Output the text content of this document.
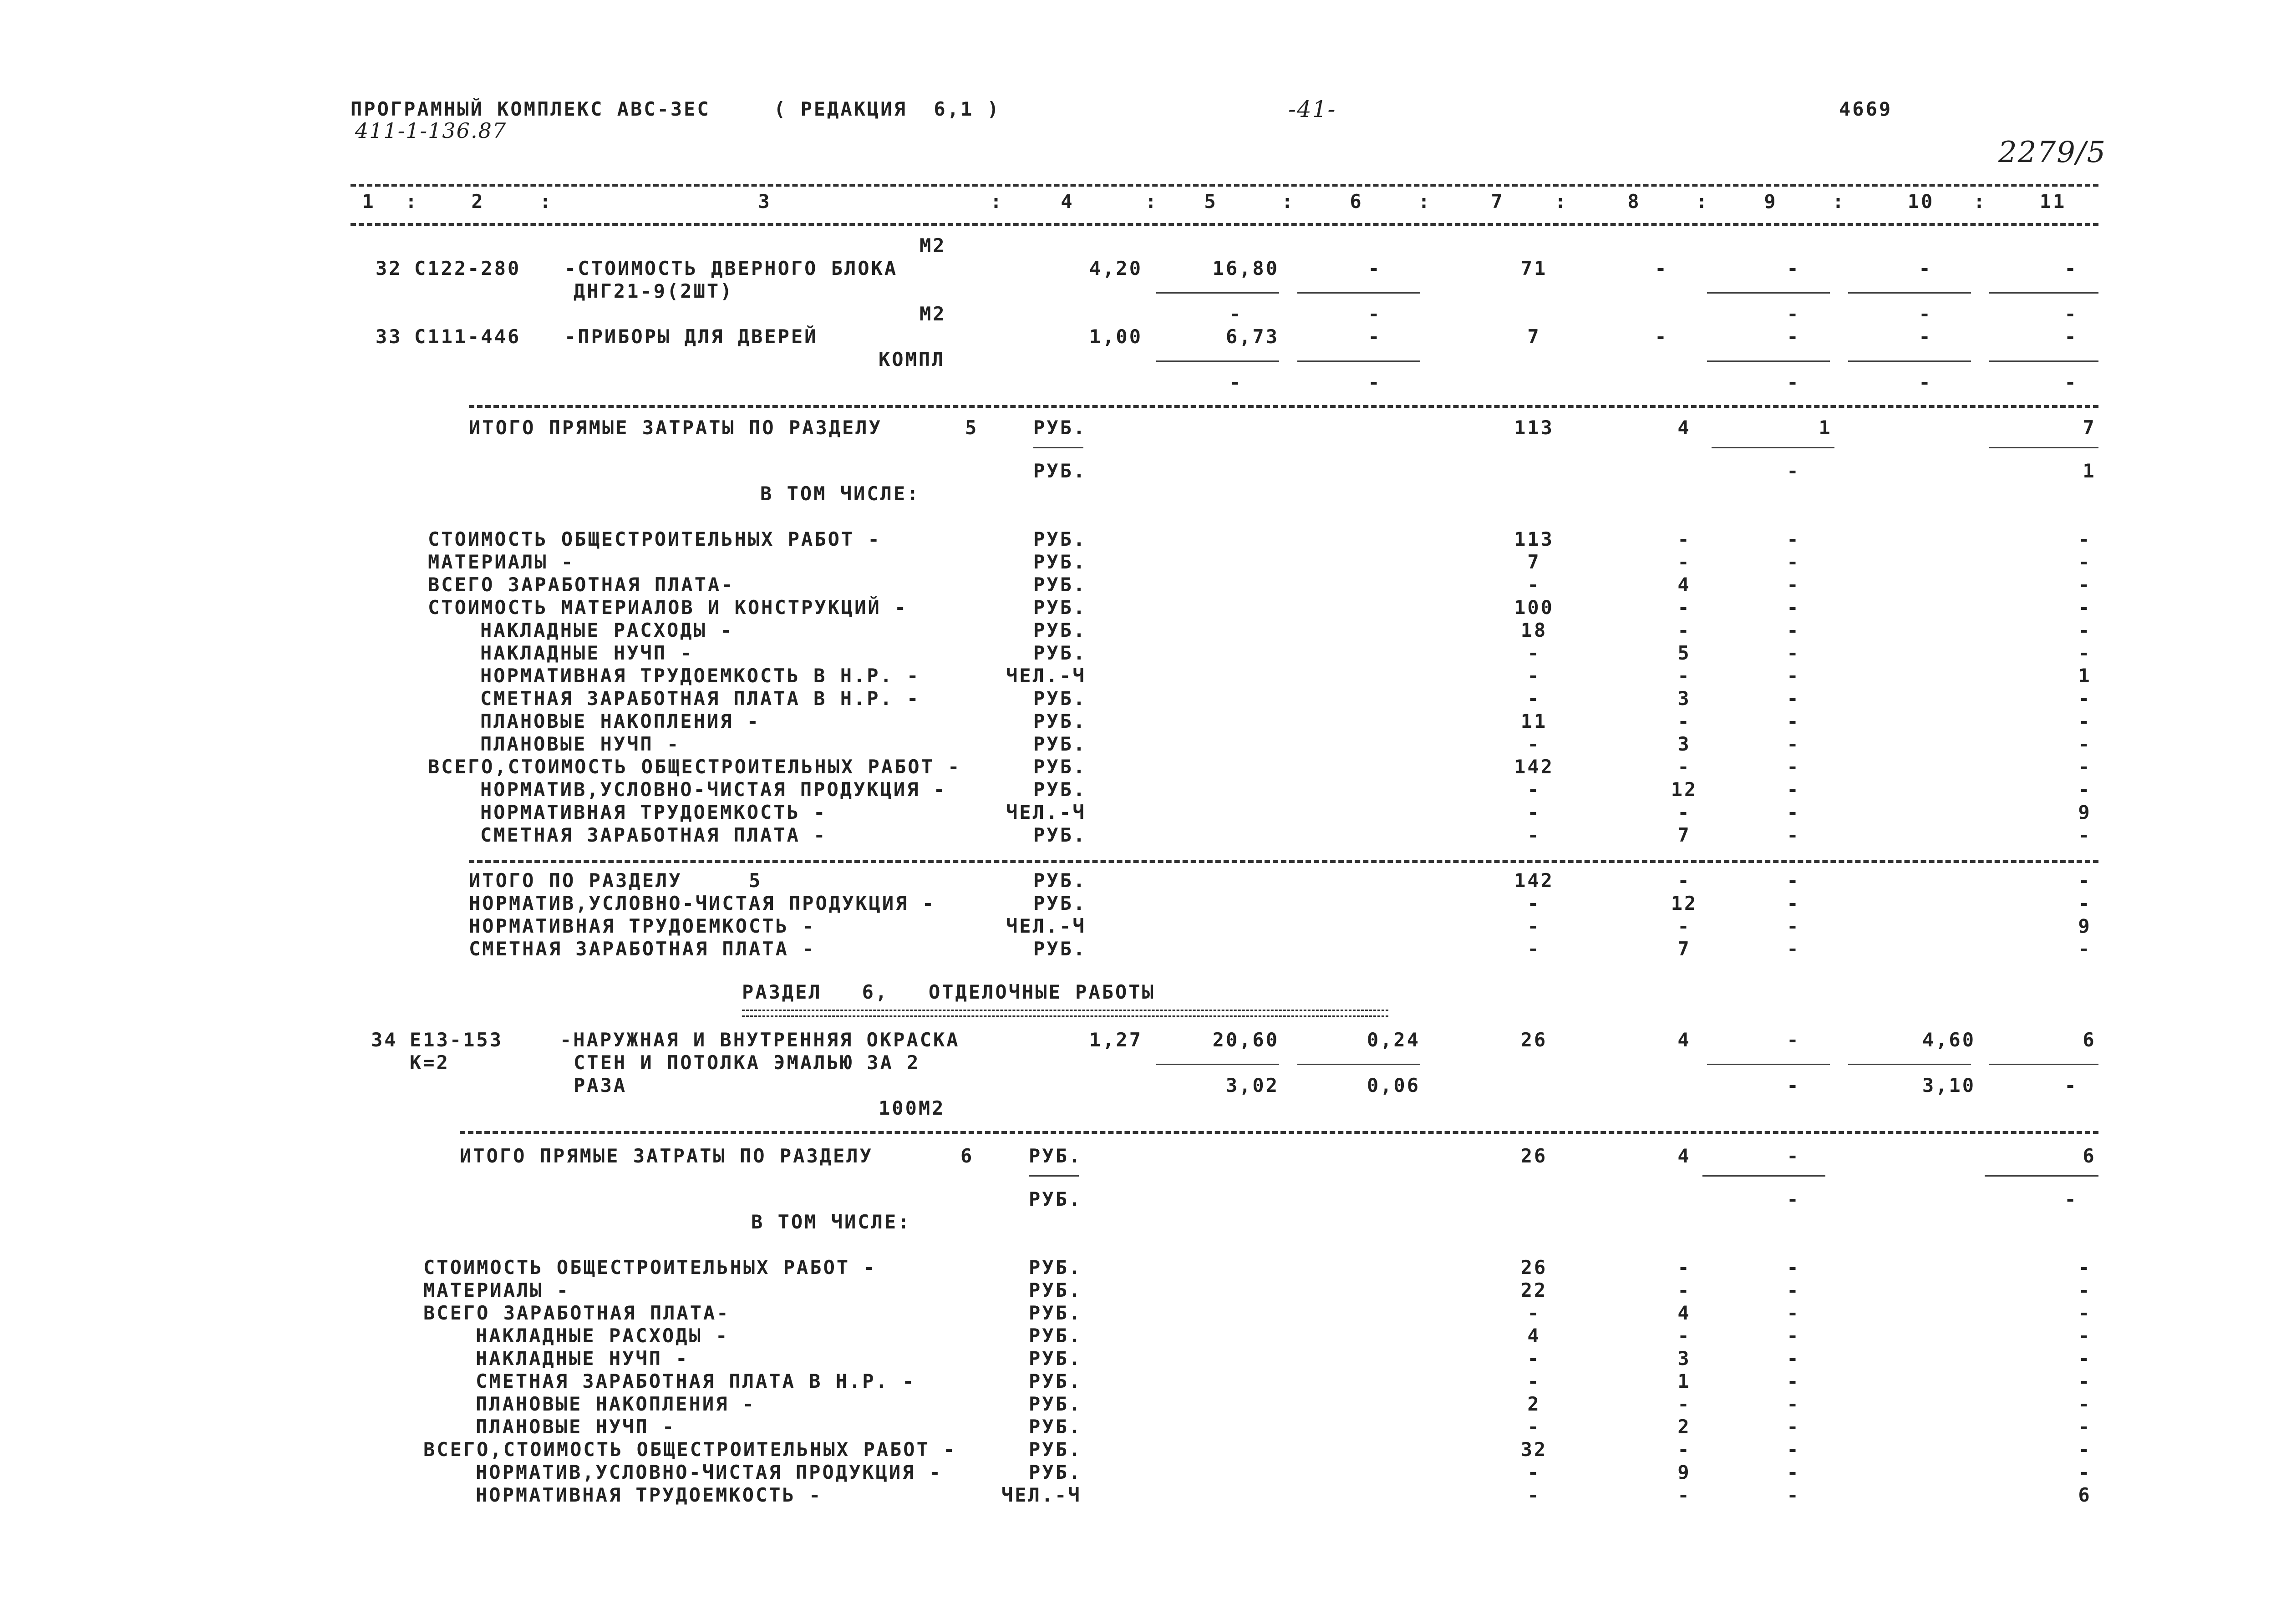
ПРОГРАМНЫЙ КОМПЛЕКС АВС-3ЕС	( РЕДАКЦИЯ  6,1 )	-41-	4669
411-1-136.87
2279/5
1	2	3	4	5	6	7	8	9	10	11
:	:	:	:	:	:	:	:	:	:
М2
32 С122-280 -СТОИМОСТЬ ДВЕРНОГО БЛОКА	4,20	16,80	-	71	-	-	-	-
ДНГ21-9(2ШТ)
М2	-	-	-	-	-
33 С111-446 -ПРИБОРЫ ДЛЯ ДВЕРЕЙ	1,00	6,73	-	7	-	-	-	-
КОМПЛ
-	-	-	-	-
ИТОГО ПРЯМЫЕ ЗАТРАТЫ ПО РАЗДЕЛУ	5	РУБ.	113	4	1	7
РУБ.	-	1
В ТОМ ЧИСЛЕ:
СТОИМОСТЬ ОБЩЕСТРОИТЕЛЬНЫХ РАБОТ -	РУБ.	113	-	-	-
МАТЕРИАЛЫ -	РУБ.	7	-	-	-
ВСЕГО ЗАРАБОТНАЯ ПЛАТА-	РУБ.	-	4	-	-
СТОИМОСТЬ МАТЕРИАЛОВ И КОНСТРУКЦИЙ -	РУБ.	100	-	-	-
НАКЛАДНЫЕ РАСХОДЫ -	РУБ.	18	-	-	-
НАКЛАДНЫЕ НУЧП -	РУБ.	-	5	-	-
НОРМАТИВНАЯ ТРУДОЕМКОСТЬ В Н.Р. -	ЧЕЛ.-Ч	-	-	-	1
СМЕТНАЯ ЗАРАБОТНАЯ ПЛАТА В Н.Р. -	РУБ.	-	3	-	-
ПЛАНОВЫЕ НАКОПЛЕНИЯ -	РУБ.	11	-	-	-
ПЛАНОВЫЕ НУЧП -	РУБ.	-	3	-	-
ВСЕГО,СТОИМОСТЬ ОБЩЕСТРОИТЕЛЬНЫХ РАБОТ -	РУБ.	142	-	-	-
НОРМАТИВ,УСЛОВНО-ЧИСТАЯ ПРОДУКЦИЯ -	РУБ.	-	12	-	-
НОРМАТИВНАЯ ТРУДОЕМКОСТЬ -	ЧЕЛ.-Ч	-	-	-	9
СМЕТНАЯ ЗАРАБОТНАЯ ПЛАТА -	РУБ.	-	7	-	-
ИТОГО ПО РАЗДЕЛУ     5	РУБ.	142	-	-	-
НОРМАТИВ,УСЛОВНО-ЧИСТАЯ ПРОДУКЦИЯ -	РУБ.	-	12	-	-
НОРМАТИВНАЯ ТРУДОЕМКОСТЬ -	ЧЕЛ.-Ч	-	-	-	9
СМЕТНАЯ ЗАРАБОТНАЯ ПЛАТА -	РУБ.	-	7	-	-
РАЗДЕЛ   6,   ОТДЕЛОЧНЫЕ РАБОТЫ
34 Е13-153	-НАРУЖНАЯ И ВНУТРЕННЯЯ ОКРАСКА	1,27	20,60	0,24	26	4	-	4,60	6
К=2	СТЕН И ПОТОЛКА ЭМАЛЬЮ ЗА 2
РАЗА	3,02	0,06	-	3,10	-
100М2
ИТОГО ПРЯМЫЕ ЗАТРАТЫ ПО РАЗДЕЛУ	6	РУБ.	26	4	-	6
РУБ.	-	-
В ТОМ ЧИСЛЕ:
СТОИМОСТЬ ОБЩЕСТРОИТЕЛЬНЫХ РАБОТ -	РУБ.	26	-	-	-
МАТЕРИАЛЫ -	РУБ.	22	-	-	-
ВСЕГО ЗАРАБОТНАЯ ПЛАТА-	РУБ.	-	4	-	-
НАКЛАДНЫЕ РАСХОДЫ -	РУБ.	4	-	-	-
НАКЛАДНЫЕ НУЧП -	РУБ.	-	3	-	-
СМЕТНАЯ ЗАРАБОТНАЯ ПЛАТА В Н.Р. -	РУБ.	-	1	-	-
ПЛАНОВЫЕ НАКОПЛЕНИЯ -	РУБ.	2	-	-	-
ПЛАНОВЫЕ НУЧП -	РУБ.	-	2	-	-
ВСЕГО,СТОИМОСТЬ ОБЩЕСТРОИТЕЛЬНЫХ РАБОТ -	РУБ.	32	-	-	-
НОРМАТИВ,УСЛОВНО-ЧИСТАЯ ПРОДУКЦИЯ -	РУБ.	-	9	-	-
НОРМАТИВНАЯ ТРУДОЕМКОСТЬ -	ЧЕЛ.-Ч	-	-	-	6
